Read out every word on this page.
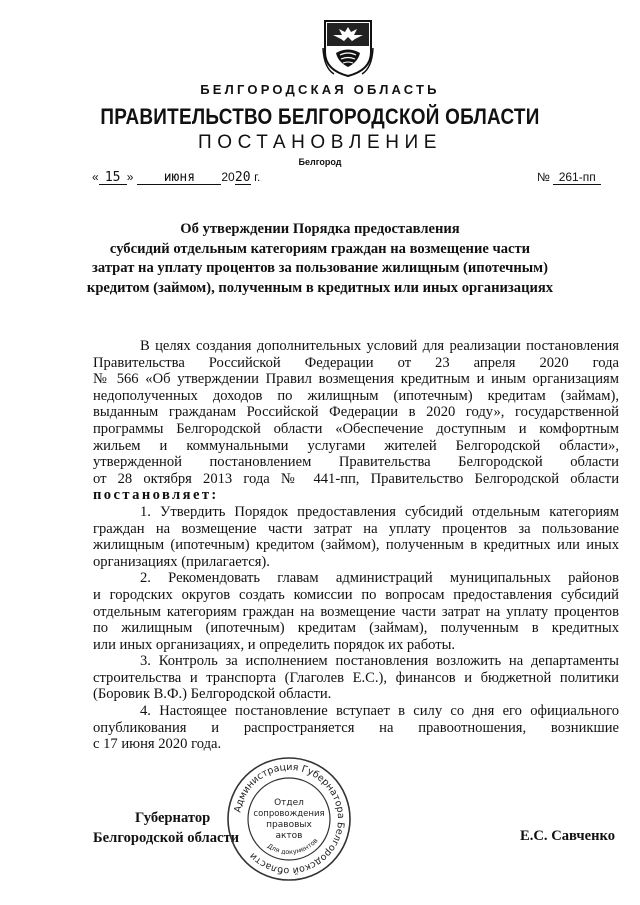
БЕЛГОРОДСКАЯ ОБЛАСТЬ
ПРАВИТЕЛЬСТВО БЕЛГОРОДСКОЙ ОБЛАСТИ
ПОСТАНОВЛЕНИЕ
Белгород
« 15 » июня 2020 г.	№ 261-пп
Об утверждении Порядка предоставления
субсидий отдельным категориям граждан на возмещение части
затрат на уплату процентов за пользование жилищным (ипотечным)
кредитом (займом), полученным в кредитных или иных организациях

В целях создания дополнительных условий для реализации постановления

Правительства Российской Федерации от 23 апреля 2020 года

№ 566 «Об утверждении Правил возмещения кредитным и иным организациям

недополученных доходов по жилищным (ипотечным) кредитам (займам),

выданным гражданам Российской Федерации в 2020 году», государственной

программы Белгородской области «Обеспечение доступным и комфортным

жильем и коммунальными услугами жителей Белгородской области»,

утвержденной постановлением Правительства Белгородской области

от 28 октября 2013 года № 441-пп, Правительство Белгородской области

постановляет:

1. Утвердить Порядок предоставления субсидий отдельным категориям

граждан на возмещение части затрат на уплату процентов за пользование

жилищным (ипотечным) кредитом (займом), полученным в кредитных или иных

организациях (прилагается).

2. Рекомендовать главам администраций муниципальных районов

и городских округов создать комиссии по вопросам предоставления субсидий

отдельным категориям граждан на возмещение части затрат на уплату процентов

по жилищным (ипотечным) кредитам (займам), полученным в кредитных

или иных организациях, и определить порядок их работы.

3. Контроль за исполнением постановления возложить на департаменты

строительства и транспорта (Глаголев Е.С.), финансов и бюджетной политики

(Боровик В.Ф.) Белгородской области.

4. Настоящее постановление вступает в силу со дня его официального

опубликования и распространяется на правоотношения, возникшие

с 17 июня 2020 года.

Губернатор
Белгородской области	Е.С. Савченко
Администрация Губернатора Белгородской области
Отдел
сопровождения
правовых
актов
Для документов
